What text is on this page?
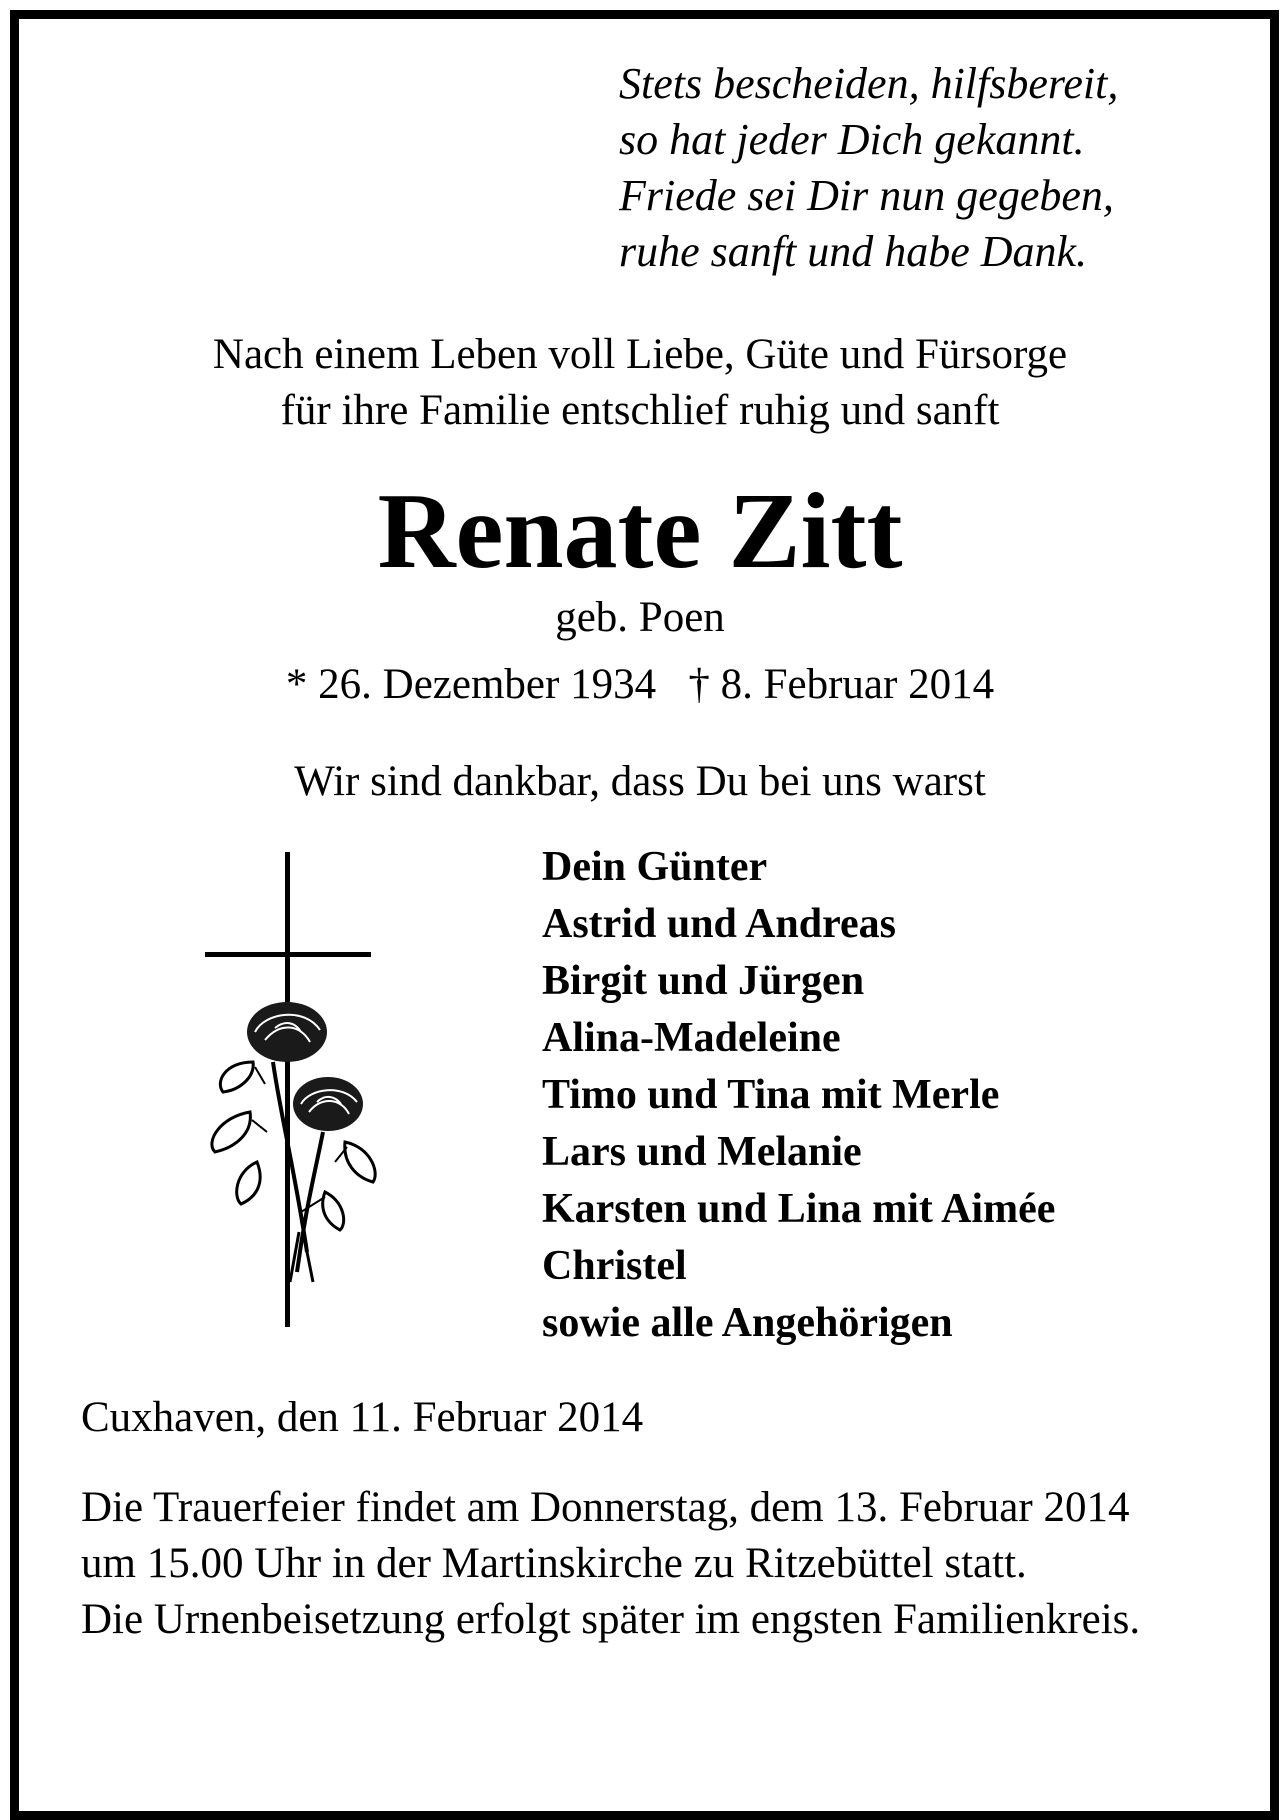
Stets bescheiden, hilfsbereit,
so hat jeder Dich gekannt.
Friede sei Dir nun gegeben,
ruhe sanft und habe Dank.
Nach einem Leben voll Liebe, Güte und Fürsorge
für ihre Familie entschlief ruhig und sanft
Renate Zitt
geb. Poen
* 26. Dezember 1934 † 8. Februar 2014
Wir sind dankbar, dass Du bei uns warst
Dein Günter
Astrid und Andreas
Birgit und Jürgen
Alina-Madeleine
Timo und Tina mit Merle
Lars und Melanie
Karsten und Lina mit Aimée
Christel
sowie alle Angehörigen
Cuxhaven, den 11. Februar 2014

Die Trauerfeier findet am Donnerstag, dem 13. Februar 2014 um 15.00 Uhr in der Martinskirche zu Ritzebüttel statt.

Die Urnenbeisetzung erfolgt später im engsten Familienkreis.
